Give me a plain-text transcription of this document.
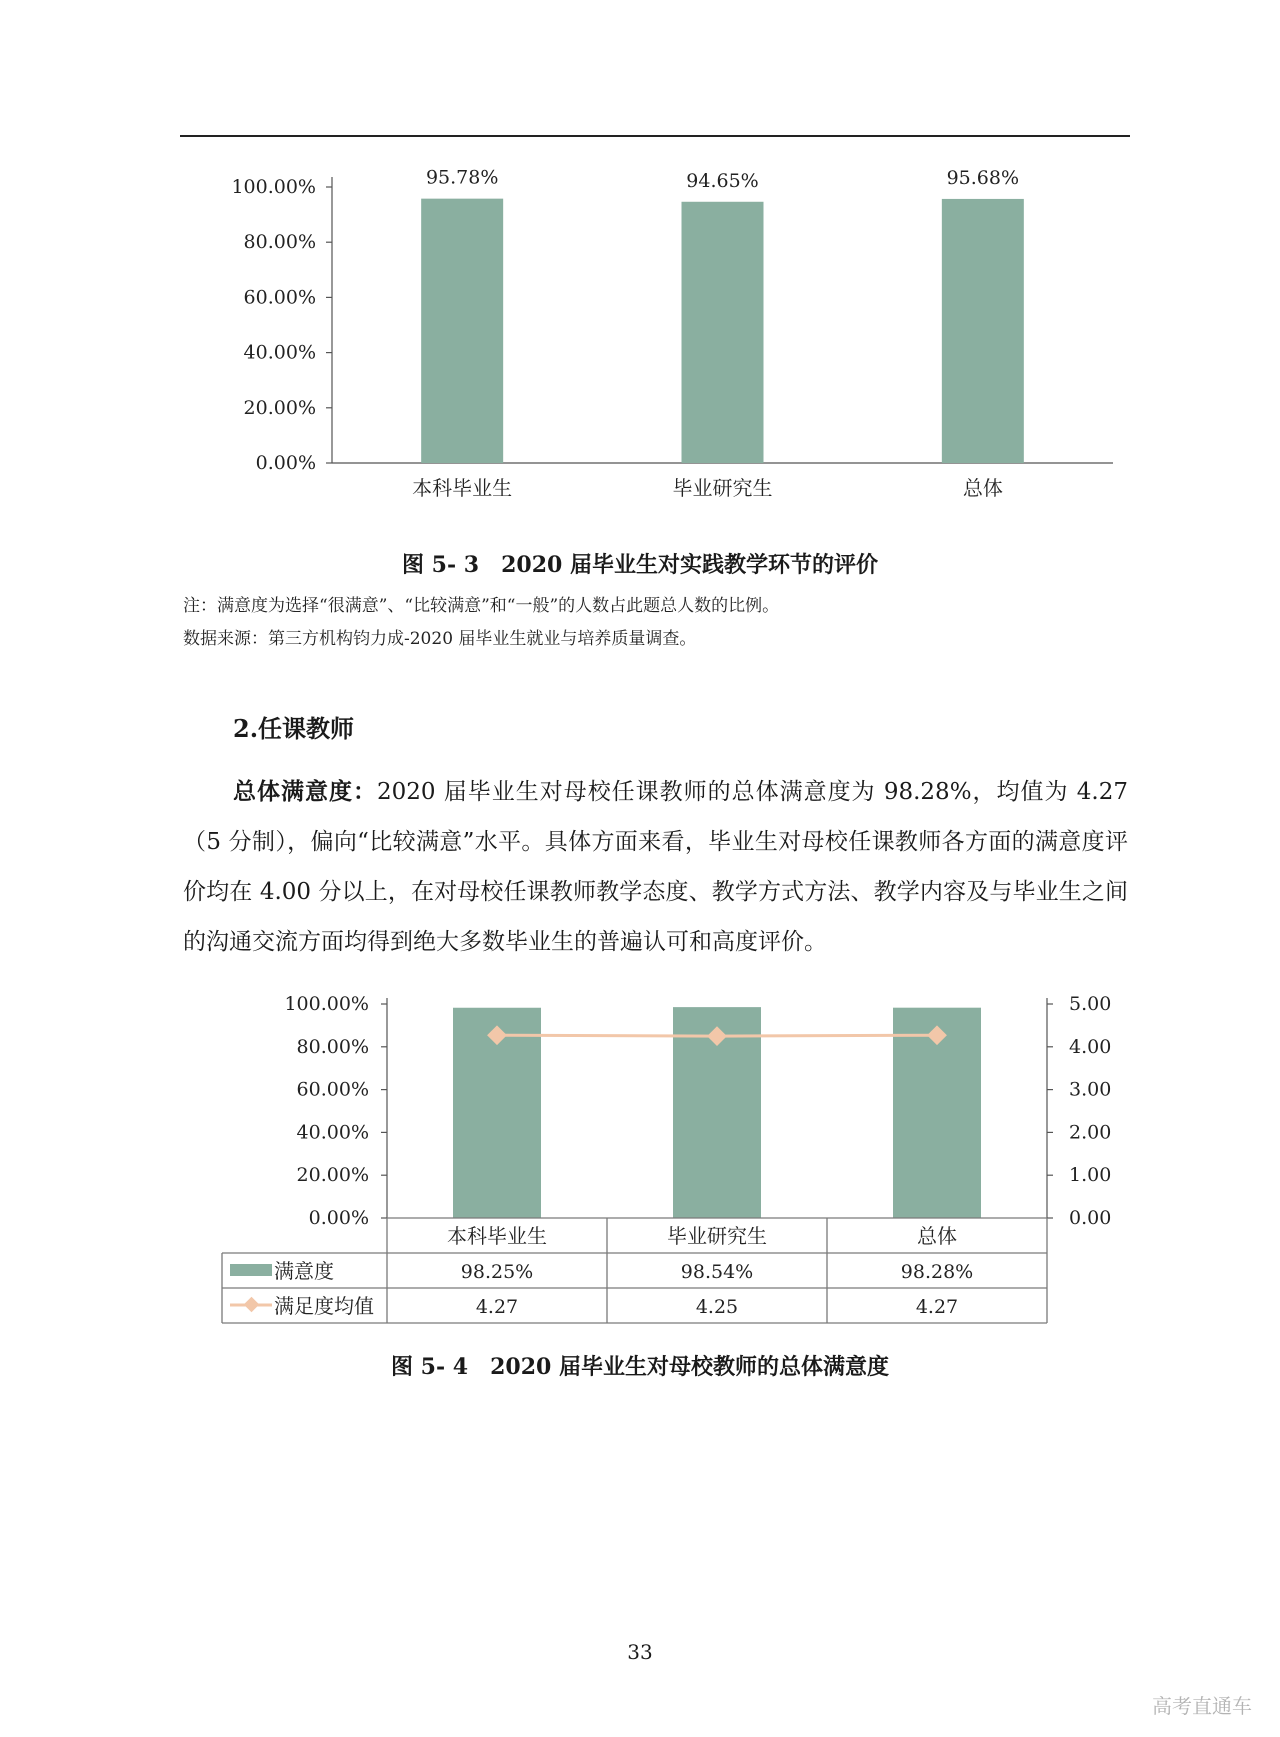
0.00%
20.00%
40.00%
60.00%
80.00%
100.00%	95.78%
本科毕业生
94.65%
毕业研究生
95.68%
总体
图 5- 3　2020 届毕业生对实践教学环节的评价
注：满意度为选择“很满意”、“比较满意”和“一般”的人数占此题总人数的比例。
数据来源：第三方机构钧力成-2020 届毕业生就业与培养质量调查。
2.任课教师
总体满意度：2020 届毕业生对母校任课教师的总体满意度为 98.28%，均值为 4.27（5 分制），偏向“比较满意”水平。具体方面来看，毕业生对母校任课教师各方面的满意度评价均在 4.00 分以上，在对母校任课教师教学态度、教学方式方法、教学内容及与毕业生之间的沟通交流方面均得到绝大多数毕业生的普遍认可和高度评价。
0.00%
20.00%
40.00%
60.00%
80.00%
100.00%
0.00
1.00
2.00
3.00
4.00
5.00
本科毕业生
98.25%
4.27
毕业研究生
98.54%
4.25
总体
98.28%
4.27
满意度
满足度均值
图 5- 4　2020 届毕业生对母校教师的总体满意度
33
高考直通车
